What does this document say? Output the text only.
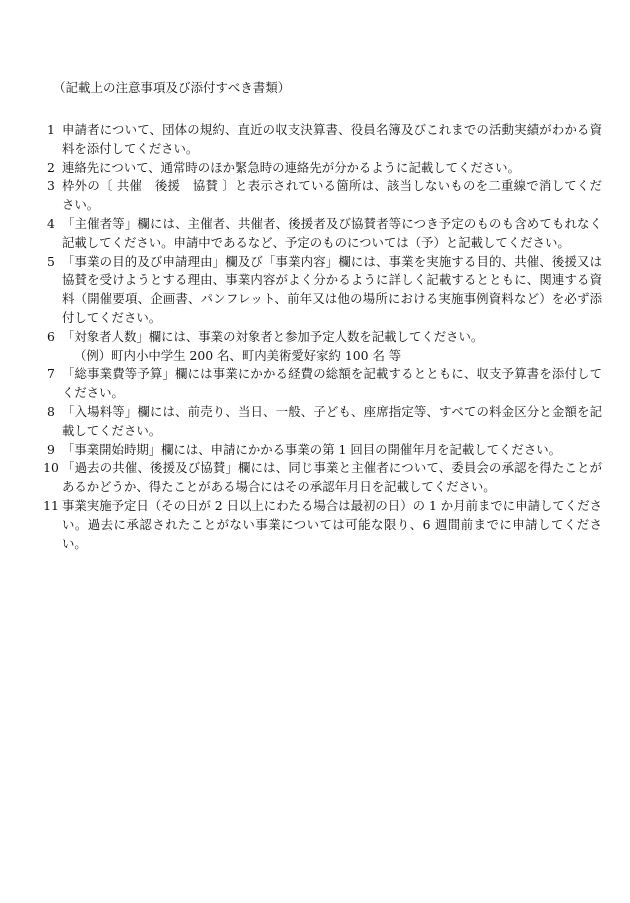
（記載上の注意事項及び添付すべき書類）
1 申請者について、団体の規約、直近の収支決算書、役員名簿及びこれまでの活動実績がわかる資料を添付してください。
2 連絡先について、通常時のほか緊急時の連絡先が分かるように記載してください。
3 枠外の〔 共催　後援　協賛 〕と表示されている箇所は、該当しないものを二重線で消してください。
4 「主催者等」欄には、主催者、共催者、後援者及び協賛者等につき予定のものも含めてもれなく記載してください。申請中であるなど、予定のものについては（予）と記載してください。
5 「事業の目的及び申請理由」欄及び「事業内容」欄には、事業を実施する目的、共催、後援又は協賛を受けようとする理由、事業内容がよく分かるように詳しく記載するとともに、関連する資料（開催要項、企画書、パンフレット、前年又は他の場所における実施事例資料など）を必ず添付してください。
6 「対象者人数」欄には、事業の対象者と参加予定人数を記載してください。
（例）町内小中学生 200 名、町内美術愛好家約 100 名 等
7 「総事業費等予算」欄には事業にかかる経費の総額を記載するとともに、収支予算書を添付してください。
8 「入場料等」欄には、前売り、当日、一般、子ども、座席指定等、すべての料金区分と金額を記載してください。
9 「事業開始時期」欄には、申請にかかる事業の第 1 回目の開催年月を記載してください。
10 「過去の共催、後援及び協賛」欄には、同じ事業と主催者について、委員会の承認を得たことがあるかどうか、得たことがある場合にはその承認年月日を記載してください。
11 事業実施予定日（その日が 2 日以上にわたる場合は最初の日）の 1 か月前までに申請してください。過去に承認されたことがない事業については可能な限り、6 週間前までに申請してください。
